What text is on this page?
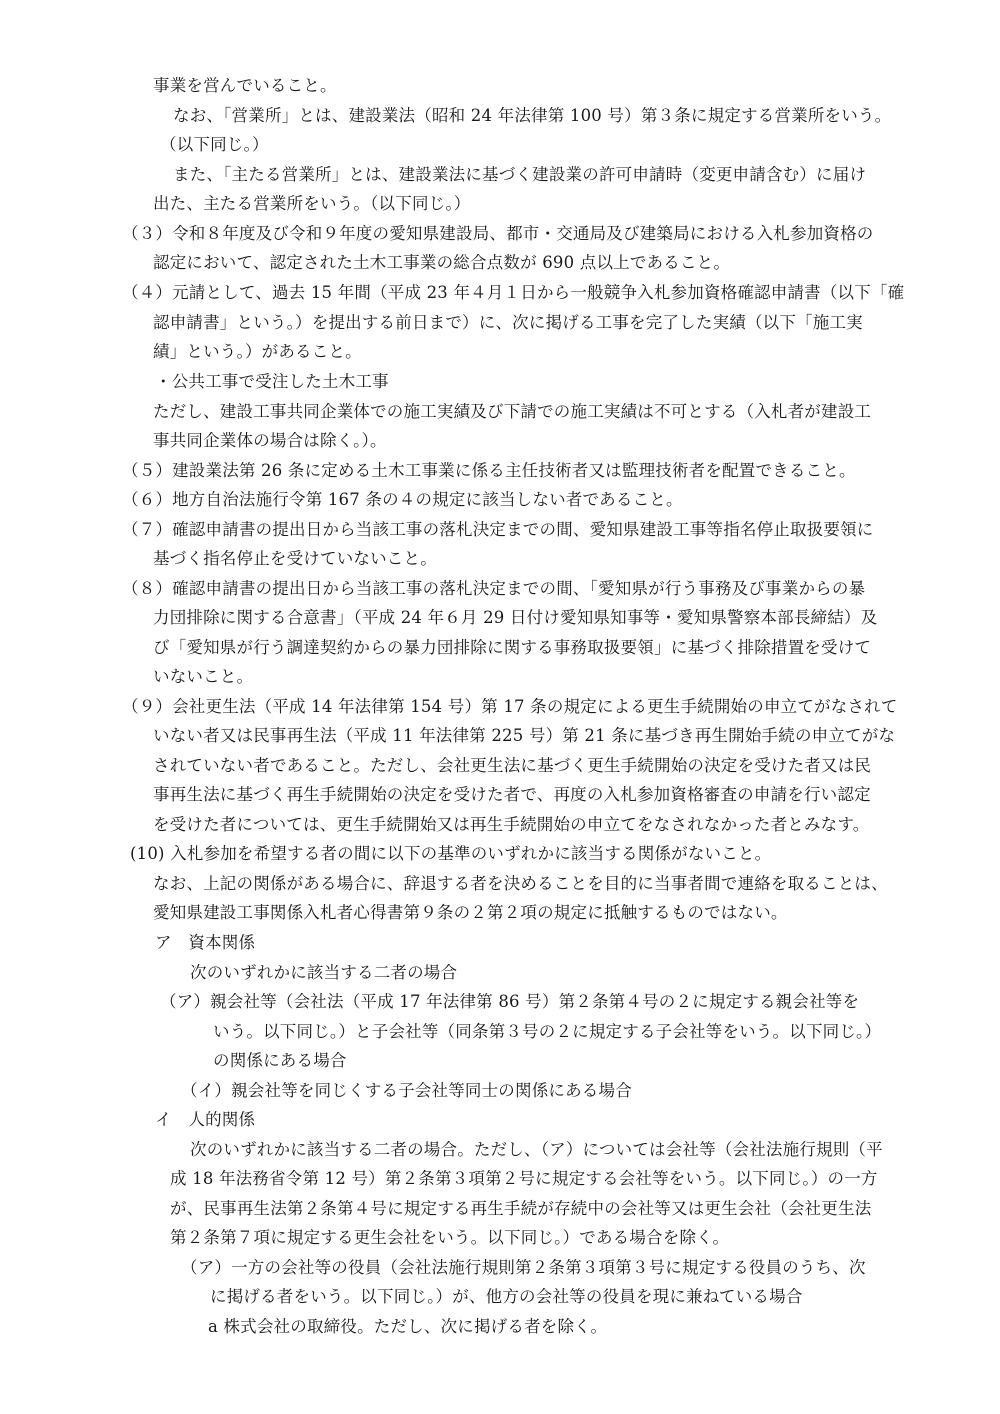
事業を営んでいること。

なお、「営業所」とは、建設業法（昭和 24 年法律第 100 号）第３条に規定する営業所をいう。

（以下同じ。）

また、「主たる営業所」とは、建設業法に基づく建設業の許可申請時（変更申請含む）に届け

出た、主たる営業所をいう。（以下同じ。）

（３）令和８年度及び令和９年度の愛知県建設局、都市・交通局及び建築局における入札参加資格の

認定において、認定された土木工事業の総合点数が 690 点以上であること。

（４）元請として、過去 15 年間（平成 23 年４月１日から一般競争入札参加資格確認申請書（以下「確

認申請書」という。）を提出する前日まで）に、次に掲げる工事を完了した実績（以下「施工実

績」という。）があること。

・公共工事で受注した土木工事

ただし、建設工事共同企業体での施工実績及び下請での施工実績は不可とする（入札者が建設工

事共同企業体の場合は除く。）。

（５）建設業法第 26 条に定める土木工事業に係る主任技術者又は監理技術者を配置できること。

（６）地方自治法施行令第 167 条の４の規定に該当しない者であること。

（７）確認申請書の提出日から当該工事の落札決定までの間、愛知県建設工事等指名停止取扱要領に

基づく指名停止を受けていないこと。

（８）確認申請書の提出日から当該工事の落札決定までの間、「愛知県が行う事務及び事業からの暴

力団排除に関する合意書」（平成 24 年６月 29 日付け愛知県知事等・愛知県警察本部長締結）及

び「愛知県が行う調達契約からの暴力団排除に関する事務取扱要領」に基づく排除措置を受けて

いないこと。

（９）会社更生法（平成 14 年法律第 154 号）第 17 条の規定による更生手続開始の申立てがなされて

いない者又は民事再生法（平成 11 年法律第 225 号）第 21 条に基づき再生開始手続の申立てがな

されていない者であること。ただし、会社更生法に基づく更生手続開始の決定を受けた者又は民

事再生法に基づく再生手続開始の決定を受けた者で、再度の入札参加資格審査の申請を行い認定

を受けた者については、更生手続開始又は再生手続開始の申立てをなされなかった者とみなす。

(10) 入札参加を希望する者の間に以下の基準のいずれかに該当する関係がないこと。

なお、上記の関係がある場合に、辞退する者を決めることを目的に当事者間で連絡を取ることは、

愛知県建設工事関係入札者心得書第９条の２第２項の規定に抵触するものではない。

ア　資本関係

次のいずれかに該当する二者の場合

（ア）親会社等（会社法（平成 17 年法律第 86 号）第２条第４号の２に規定する親会社等を

いう。以下同じ。）と子会社等（同条第３号の２に規定する子会社等をいう。以下同じ。）

の関係にある場合

（イ）親会社等を同じくする子会社等同士の関係にある場合

イ　人的関係

次のいずれかに該当する二者の場合。ただし、（ア）については会社等（会社法施行規則（平

成 18 年法務省令第 12 号）第２条第３項第２号に規定する会社等をいう。以下同じ。）の一方

が、民事再生法第２条第４号に規定する再生手続が存続中の会社等又は更生会社（会社更生法

第２条第７項に規定する更生会社をいう。以下同じ。）である場合を除く。

（ア）一方の会社等の役員（会社法施行規則第２条第３項第３号に規定する役員のうち、次

に掲げる者をいう。以下同じ。）が、他方の会社等の役員を現に兼ねている場合

a 株式会社の取締役。ただし、次に掲げる者を除く。
